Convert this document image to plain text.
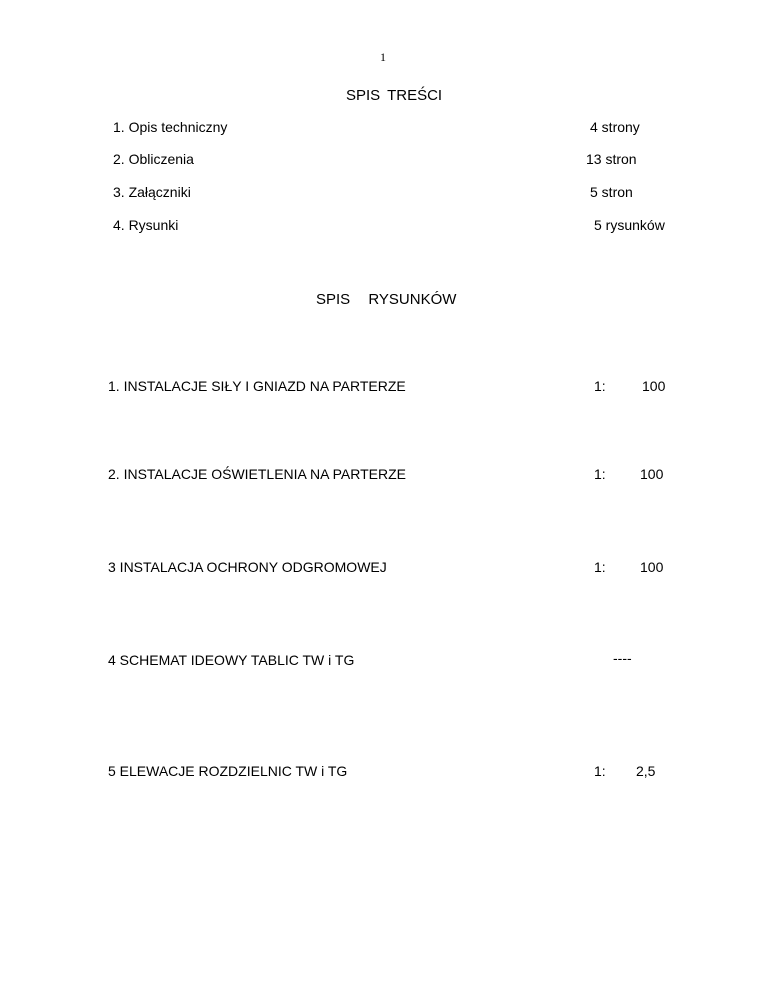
1
SPIS TREŚCI
1. Opis techniczny	4 strony
2. Obliczenia	13 stron
3. Załączniki	5 stron
4. Rysunki	5 rysunków
SPIS RYSUNKÓW
1. INSTALACJE SIŁY I GNIAZD NA PARTERZE	1:	100
2. INSTALACJE OŚWIETLENIA NA PARTERZE	1: 100
3 INSTALACJA OCHRONY ODGROMOWEJ	1: 100
4 SCHEMAT IDEOWY TABLIC TW i TG	----
5 ELEWACJE ROZDZIELNIC TW i TG	1: 2,5
